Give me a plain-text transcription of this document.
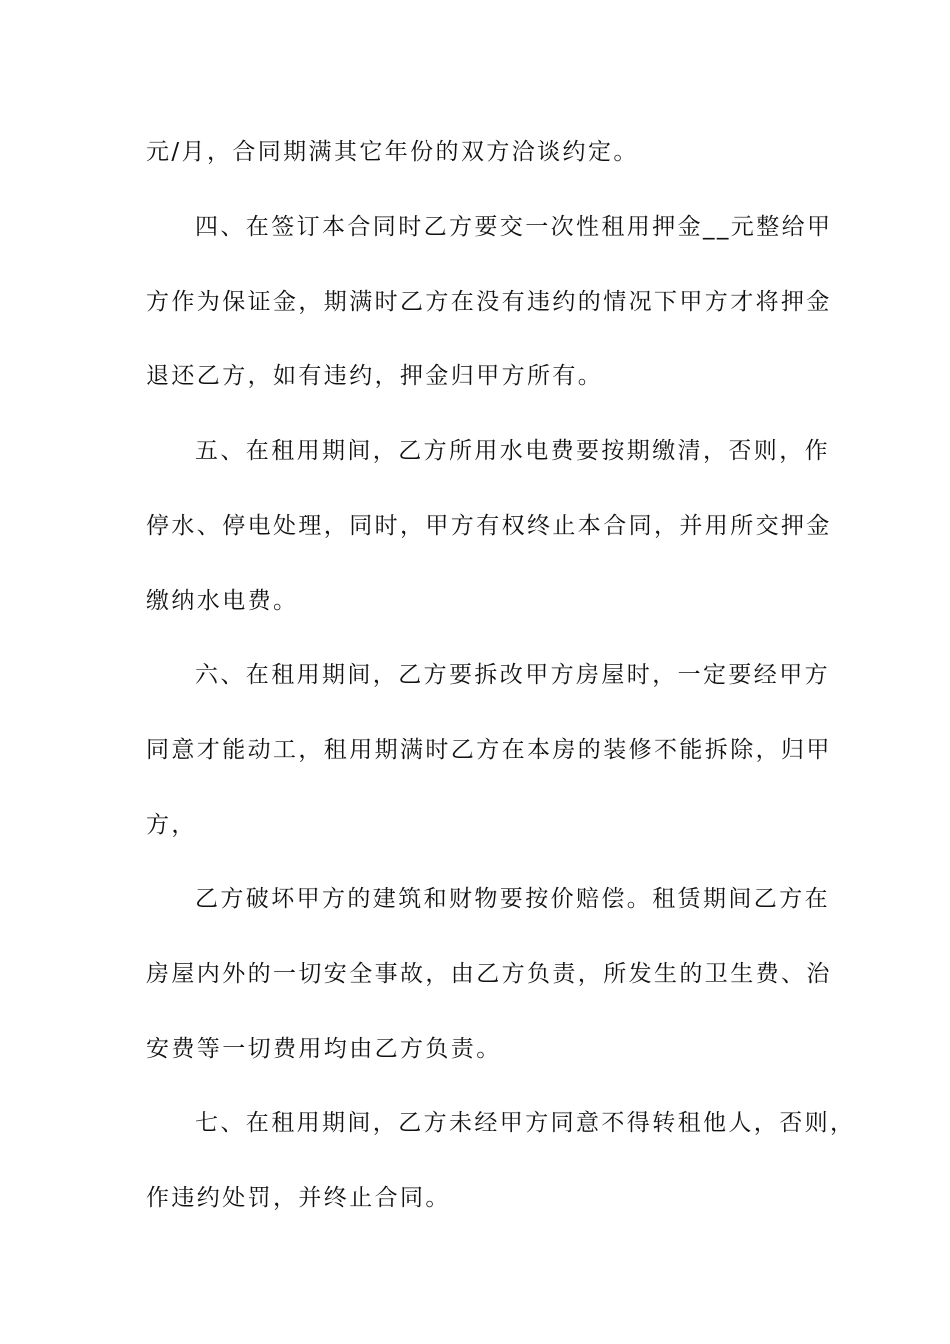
元/月，合同期满其它年份的双方洽谈约定。
四、在签订本合同时乙方要交一次性租用押金__元整给甲
方作为保证金，期满时乙方在没有违约的情况下甲方才将押金
退还乙方，如有违约，押金归甲方所有。
五、在租用期间，乙方所用水电费要按期缴清，否则，作
停水、停电处理，同时，甲方有权终止本合同，并用所交押金
缴纳水电费。
六、在租用期间，乙方要拆改甲方房屋时，一定要经甲方
同意才能动工，租用期满时乙方在本房的装修不能拆除，归甲
方，
乙方破坏甲方的建筑和财物要按价赔偿。租赁期间乙方在
房屋内外的一切安全事故，由乙方负责，所发生的卫生费、治
安费等一切费用均由乙方负责。
七、在租用期间，乙方未经甲方同意不得转租他人，否则，
作违约处罚，并终止合同。
